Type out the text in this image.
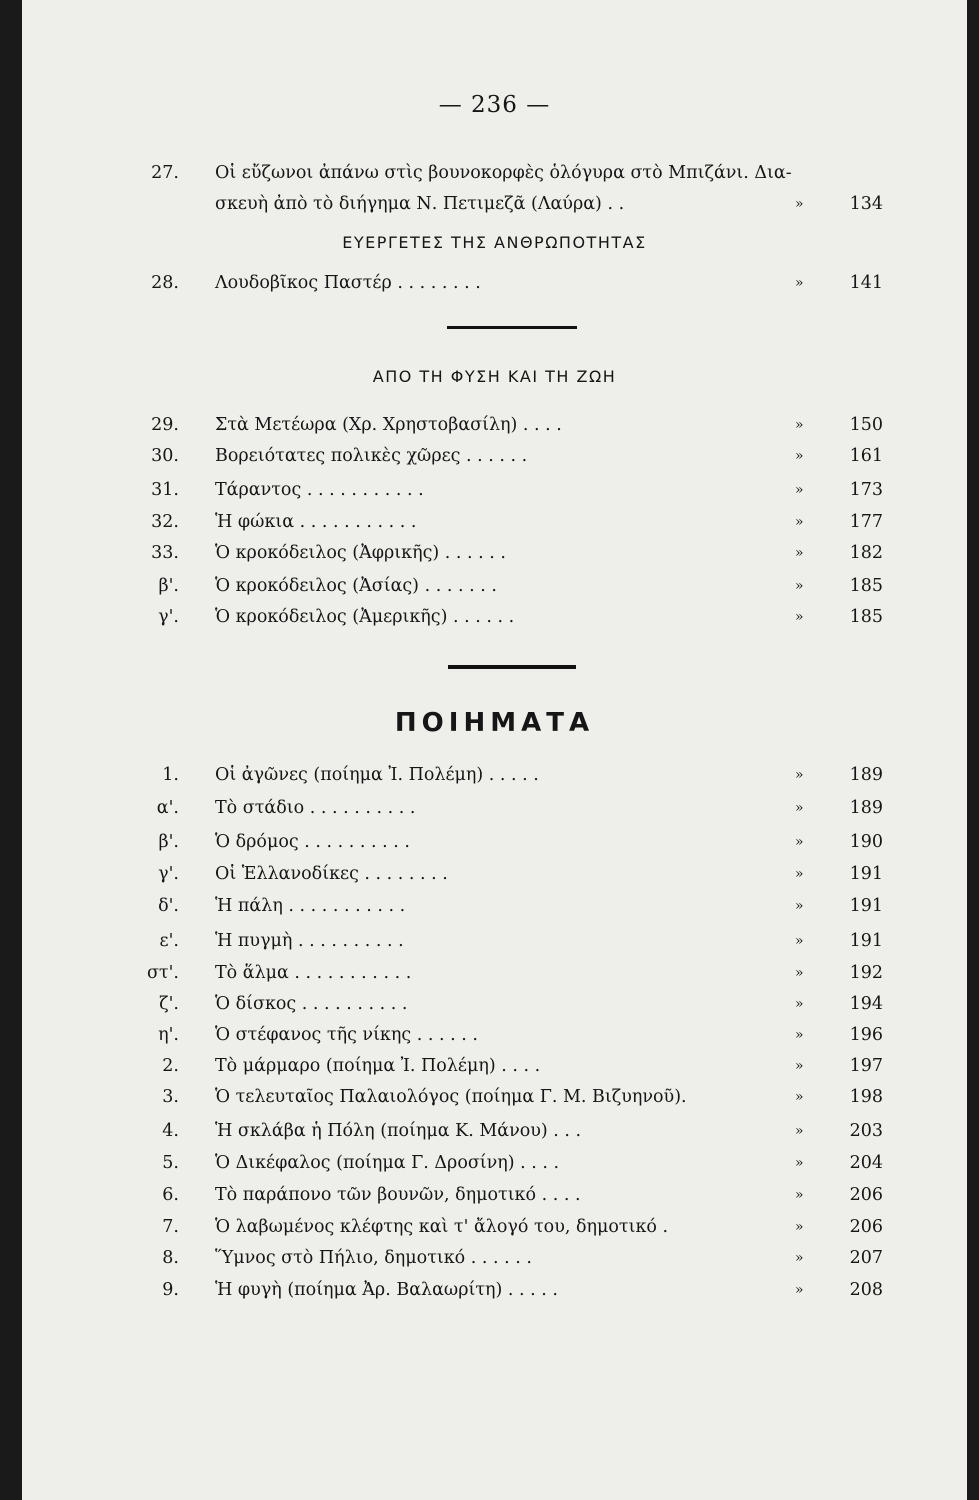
— 236 —
27. Οἱ εὔζωνοι ἀπάνω στὶς βουνοκορφὲς ὁλόγυρα στὸ Μπιζάνι. Δια-
σκευὴ ἀπὸ τὸ διήγημα Ν. Πετιμεζᾶ (Λαύρα) . .	»	134
ΕΥΕΡΓΕΤΕΣ ΤΗΣ ΑΝΘΡΩΠΟΤΗΤΑΣ
28. Λουδοβῖκος Παστέρ . . . . . . . .	»	141
ΑΠΟ ΤΗ ΦΥΣΗ ΚΑΙ ΤΗ ΖΩΗ
29. Στὰ Μετέωρα (Χρ. Χρηστοβασίλη) . . . .	»	150
30. Βορειότατες πολικὲς χῶρες . . . . . .	»	161
31. Τάραντος . . . . . . . . . . .	»	173
32. Ἡ φώκια . . . . . . . . . . .	»	177
33. Ὁ κροκόδειλος (Ἀφρικῆς) . . . . . .	»	182
β'. Ὁ κροκόδειλος (Ἀσίας) . . . . . . .	»	185
γ'. Ὁ κροκόδειλος (Ἀμερικῆς) . . . . . .	»	185
ΠΟΙΗΜΑΤΑ
1. Οἱ ἀγῶνες (ποίημα Ἰ. Πολέμη) . . . . .	»	189
α'. Τὸ στάδιο . . . . . . . . . .	»	189
β'. Ὁ δρόμος . . . . . . . . . .	»	190
γ'. Οἱ Ἑλλανοδίκες . . . . . . . .	»	191
δ'. Ἡ πάλη . . . . . . . . . . .	»	191
ε'. Ἡ πυγμὴ . . . . . . . . . .	»	191
στ'. Τὸ ἅλμα . . . . . . . . . . .	»	192
ζ'. Ὁ δίσκος . . . . . . . . . .	»	194
η'. Ὁ στέφανος τῆς νίκης . . . . . .	»	196
2. Τὸ μάρμαρο (ποίημα Ἰ. Πολέμη) . . . .	»	197
3. Ὁ τελευταῖος Παλαιολόγος (ποίημα Γ. Μ. Βιζυηνοῦ).	»	198
4. Ἡ σκλάβα ἡ Πόλη (ποίημα Κ. Μάνου) . . .	»	203
5. Ὁ Δικέφαλος (ποίημα Γ. Δροσίνη) . . . .	»	204
6. Τὸ παράπονο τῶν βουνῶν, δημοτικό . . . .	»	206
7. Ὁ λαβωμένος κλέφτης καὶ τ' ἄλογό του, δημοτικό .	»	206
8. Ὕμνος στὸ Πήλιο, δημοτικό . . . . . .	»	207
9. Ἡ φυγὴ (ποίημα Ἀρ. Βαλαωρίτη) . . . . .	»	208
